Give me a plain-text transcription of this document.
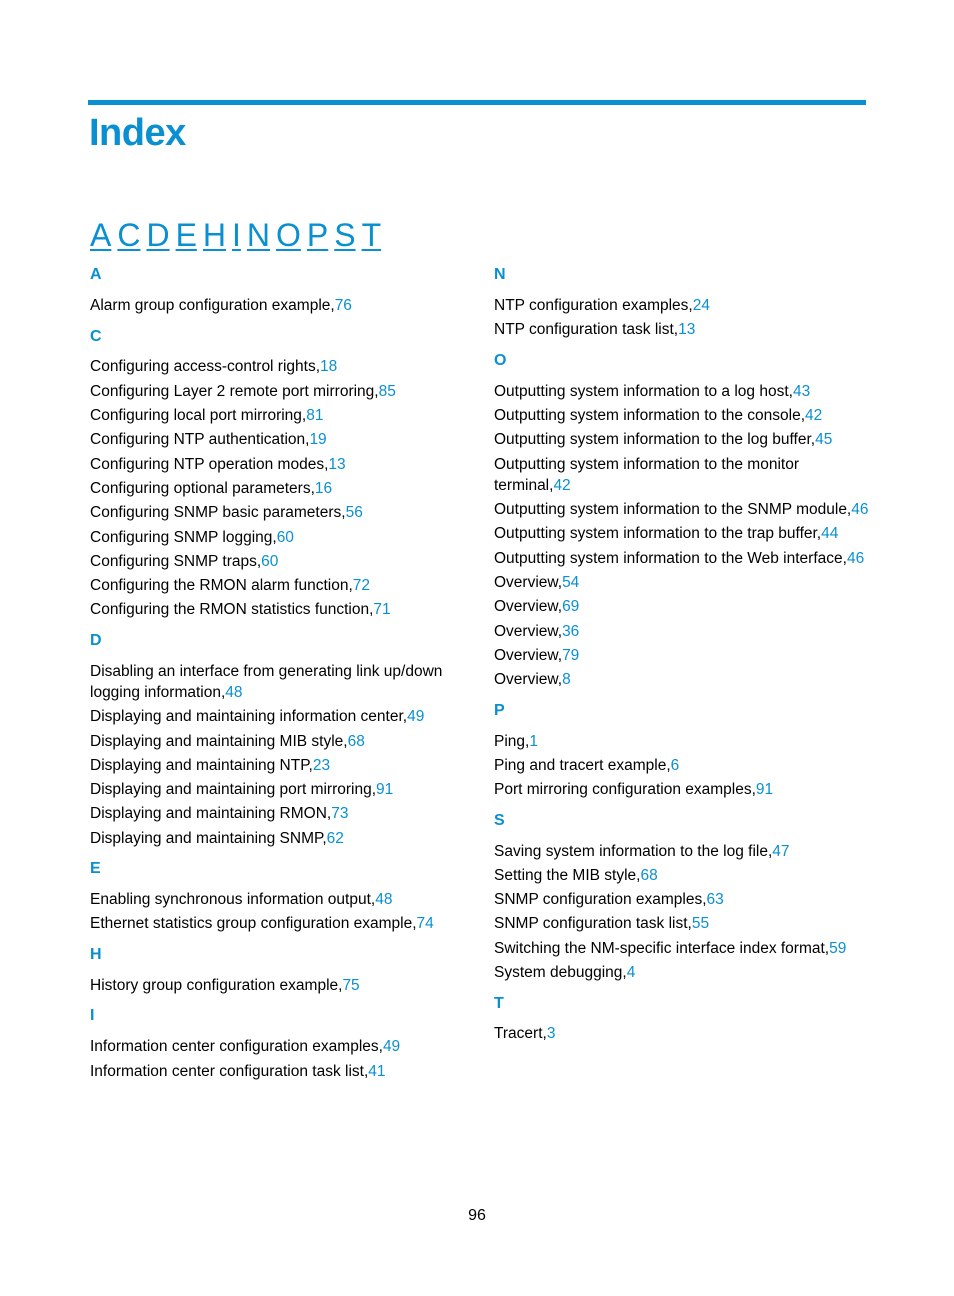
Index
A C D E H I N O P S T
A
Alarm group configuration example,76
C
Configuring access-control rights,18
Configuring Layer 2 remote port mirroring,85
Configuring local port mirroring,81
Configuring NTP authentication,19
Configuring NTP operation modes,13
Configuring optional parameters,16
Configuring SNMP basic parameters,56
Configuring SNMP logging,60
Configuring SNMP traps,60
Configuring the RMON alarm function,72
Configuring the RMON statistics function,71
D
Disabling an interface from generating link up/down logging information,48
Displaying and maintaining information center,49
Displaying and maintaining MIB style,68
Displaying and maintaining NTP,23
Displaying and maintaining port mirroring,91
Displaying and maintaining RMON,73
Displaying and maintaining SNMP,62
E
Enabling synchronous information output,48
Ethernet statistics group configuration example,74
H
History group configuration example,75
I
Information center configuration examples,49
Information center configuration task list,41
N
NTP configuration examples,24
NTP configuration task list,13
O
Outputting system information to a log host,43
Outputting system information to the console,42
Outputting system information to the log buffer,45
Outputting system information to the monitor terminal,42
Outputting system information to the SNMP module,46
Outputting system information to the trap buffer,44
Outputting system information to the Web interface,46
Overview,54
Overview,69
Overview,36
Overview,79
Overview,8
P
Ping,1
Ping and tracert example,6
Port mirroring configuration examples,91
S
Saving system information to the log file,47
Setting the MIB style,68
SNMP configuration examples,63
SNMP configuration task list,55
Switching the NM-specific interface index format,59
System debugging,4
T
Tracert,3
96
